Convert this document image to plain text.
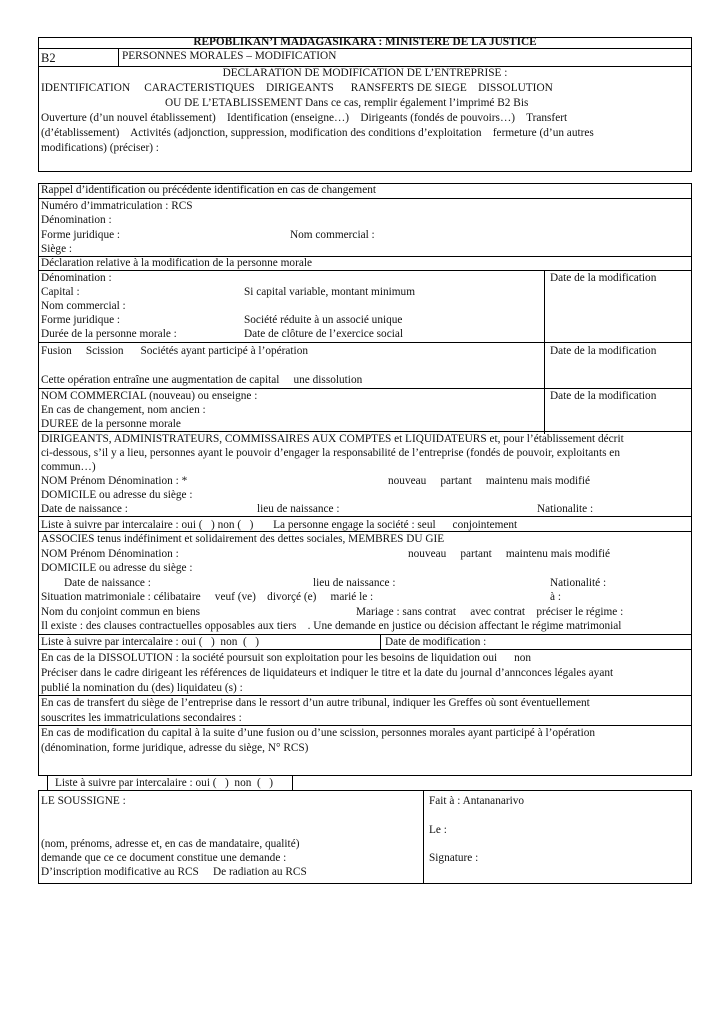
REPOBLIKAN’I MADAGASIKARA : MINISTERE DE LA JUSTICE
B2	PERSONNES MORALES – MODIFICATION
DECLARATION DE MODIFICATION DE L’ENTREPRISE :
IDENTIFICATION     CARACTERISTIQUES    DIRIGEANTS      RANSFERTS DE SIEGE    DISSOLUTION
OU DE L’ETABLISSEMENT Dans ce cas, remplir également l’imprimé B2 Bis
Ouverture (d’un nouvel établissement)    Identification (enseigne…)    Dirigeants (fondés de pouvoirs…)    Transfert
(d’établissement)    Activités (adjonction, suppression, modification des conditions d’exploitation    fermeture (d’un autres
modifications) (préciser) :
Rappel d’identification ou précédente identification en cas de changement
Numéro d’immatriculation : RCS
Dénomination :
Forme juridique :	Nom commercial :
Siège :
Déclaration relative à la modification de la personne morale
Dénomination :	Date de la modification
Capital :	Si capital variable, montant minimum
Nom commercial :
Forme juridique :	Société réduite à un associé unique
Durée de la personne morale :	Date de clôture de l’exercice social
Fusion     Scission      Sociétés ayant participé à l’opération	Date de la modification
Cette opération entraîne une augmentation de capital     une dissolution
NOM COMMERCIAL (nouveau) ou enseigne :	Date de la modification
En cas de changement, nom ancien :
DUREE de la personne morale
DIRIGEANTS, ADMINISTRATEURS, COMMISSAIRES AUX COMPTES et LIQUIDATEURS et, pour l’établissement décrit
ci-dessous, s’il y a lieu, personnes ayant le pouvoir d’engager la responsabilité de l’entreprise (fondés de pouvoir, exploitants en
commun…)
NOM Prénom Dénomination : *	nouveau     partant     maintenu mais modifié
DOMICILE ou adresse du siège :
Date de naissance :	lieu de naissance :	Nationalite :
Liste à suivre par intercalaire : oui (   ) non (   )       La personne engage la société : seul      conjointement
ASSOCIES tenus indéfiniment et solidairement des dettes sociales, MEMBRES DU GIE
NOM Prénom Dénomination :	nouveau     partant     maintenu mais modifié
DOMICILE ou adresse du siège :
Date de naissance :	lieu de naissance :	Nationalité :
Situation matrimoniale : célibataire     veuf (ve)    divorçé (e)     marié le :	à :
Nom du conjoint commun en biens	Mariage : sans contrat     avec contrat    préciser le régime :
Il existe : des clauses contractuelles opposables aux tiers    . Une demande en justice ou décision affectant le régime matrimonial
Liste à suivre par intercalaire : oui (   )  non  (   )	Date de modification :
En cas de la DISSOLUTION : la société poursuit son exploitation pour les besoins de liquidation oui      non
Préciser dans le cadre dirigeant les références de liquidateurs et indiquer le titre et la date du journal d’annconces légales ayant
publié la nomination du (des) liquidateu (s) :
En cas de transfert du siège de l’entreprise dans le ressort d’un autre tribunal, indiquer les Greffes où sont éventuellement
souscrites les immatriculations secondaires :
En cas de modification du capital à la suite d’une fusion ou d’une scission, personnes morales ayant participé à l’opération
(dénomination, forme juridique, adresse du siège, N° RCS)
Liste à suivre par intercalaire : oui (   )  non  (   )
LE SOUSSIGNE :
(nom, prénoms, adresse et, en cas de mandataire, qualité)
demande que ce ce document constitue une demande :
D’inscription modificative au RCS     De radiation au RCS
Fait à : Antananarivo
Le :
Signature :
